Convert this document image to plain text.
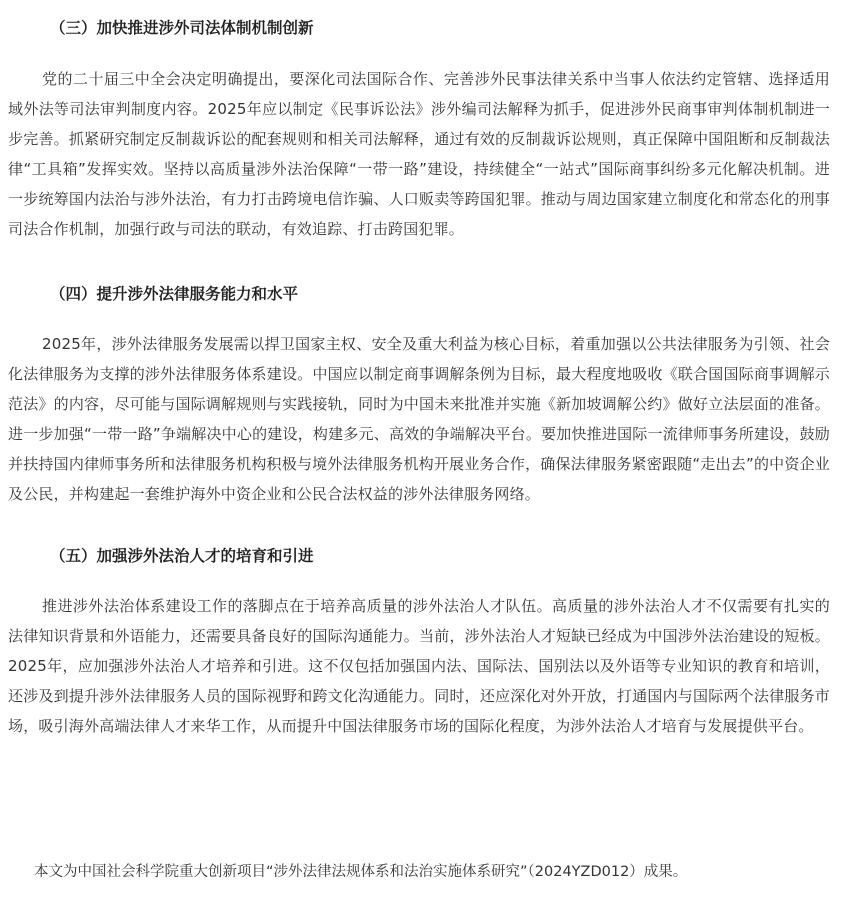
（三）加快推进涉外司法体制机制创新

党的二十届三中全会决定明确提出，要深化司法国际合作、完善涉外民事法律关系中当事人依法约定管辖、选择适用域外法等司法审判制度内容。2025年应以制定《民事诉讼法》涉外编司法解释为抓手，促进涉外民商事审判体制机制进一步完善。抓紧研究制定反制裁诉讼的配套规则和相关司法解释，通过有效的反制裁诉讼规则，真正保障中国阻断和反制裁法律“工具箱”发挥实效。坚持以高质量涉外法治保障“一带一路”建设，持续健全“一站式”国际商事纠纷多元化解决机制。进一步统筹国内法治与涉外法治，有力打击跨境电信诈骗、人口贩卖等跨国犯罪。推动与周边国家建立制度化和常态化的刑事司法合作机制，加强行政与司法的联动，有效追踪、打击跨国犯罪。

（四）提升涉外法律服务能力和水平

2025年，涉外法律服务发展需以捍卫国家主权、安全及重大利益为核心目标，着重加强以公共法律服务为引领、社会化法律服务为支撑的涉外法律服务体系建设。中国应以制定商事调解条例为目标，最大程度地吸收《联合国国际商事调解示范法》的内容，尽可能与国际调解规则与实践接轨，同时为中国未来批准并实施《新加坡调解公约》做好立法层面的准备。进一步加强“一带一路”争端解决中心的建设，构建多元、高效的争端解决平台。要加快推进国际一流律师事务所建设，鼓励并扶持国内律师事务所和法律服务机构积极与境外法律服务机构开展业务合作，确保法律服务紧密跟随“走出去”的中资企业及公民，并构建起一套维护海外中资企业和公民合法权益的涉外法律服务网络。

（五）加强涉外法治人才的培育和引进

推进涉外法治体系建设工作的落脚点在于培养高质量的涉外法治人才队伍。高质量的涉外法治人才不仅需要有扎实的法律知识背景和外语能力，还需要具备良好的国际沟通能力。当前，涉外法治人才短缺已经成为中国涉外法治建设的短板。2025年，应加强涉外法治人才培养和引进。这不仅包括加强国内法、国际法、国别法以及外语等专业知识的教育和培训，还涉及到提升涉外法律服务人员的国际视野和跨文化沟通能力。同时，还应深化对外开放，打通国内与国际两个法律服务市场，吸引海外高端法律人才来华工作，从而提升中国法律服务市场的国际化程度，为涉外法治人才培育与发展提供平台。

本文为中国社会科学院重大创新项目“涉外法律法规体系和法治实施体系研究”（2024YZD012）成果。
